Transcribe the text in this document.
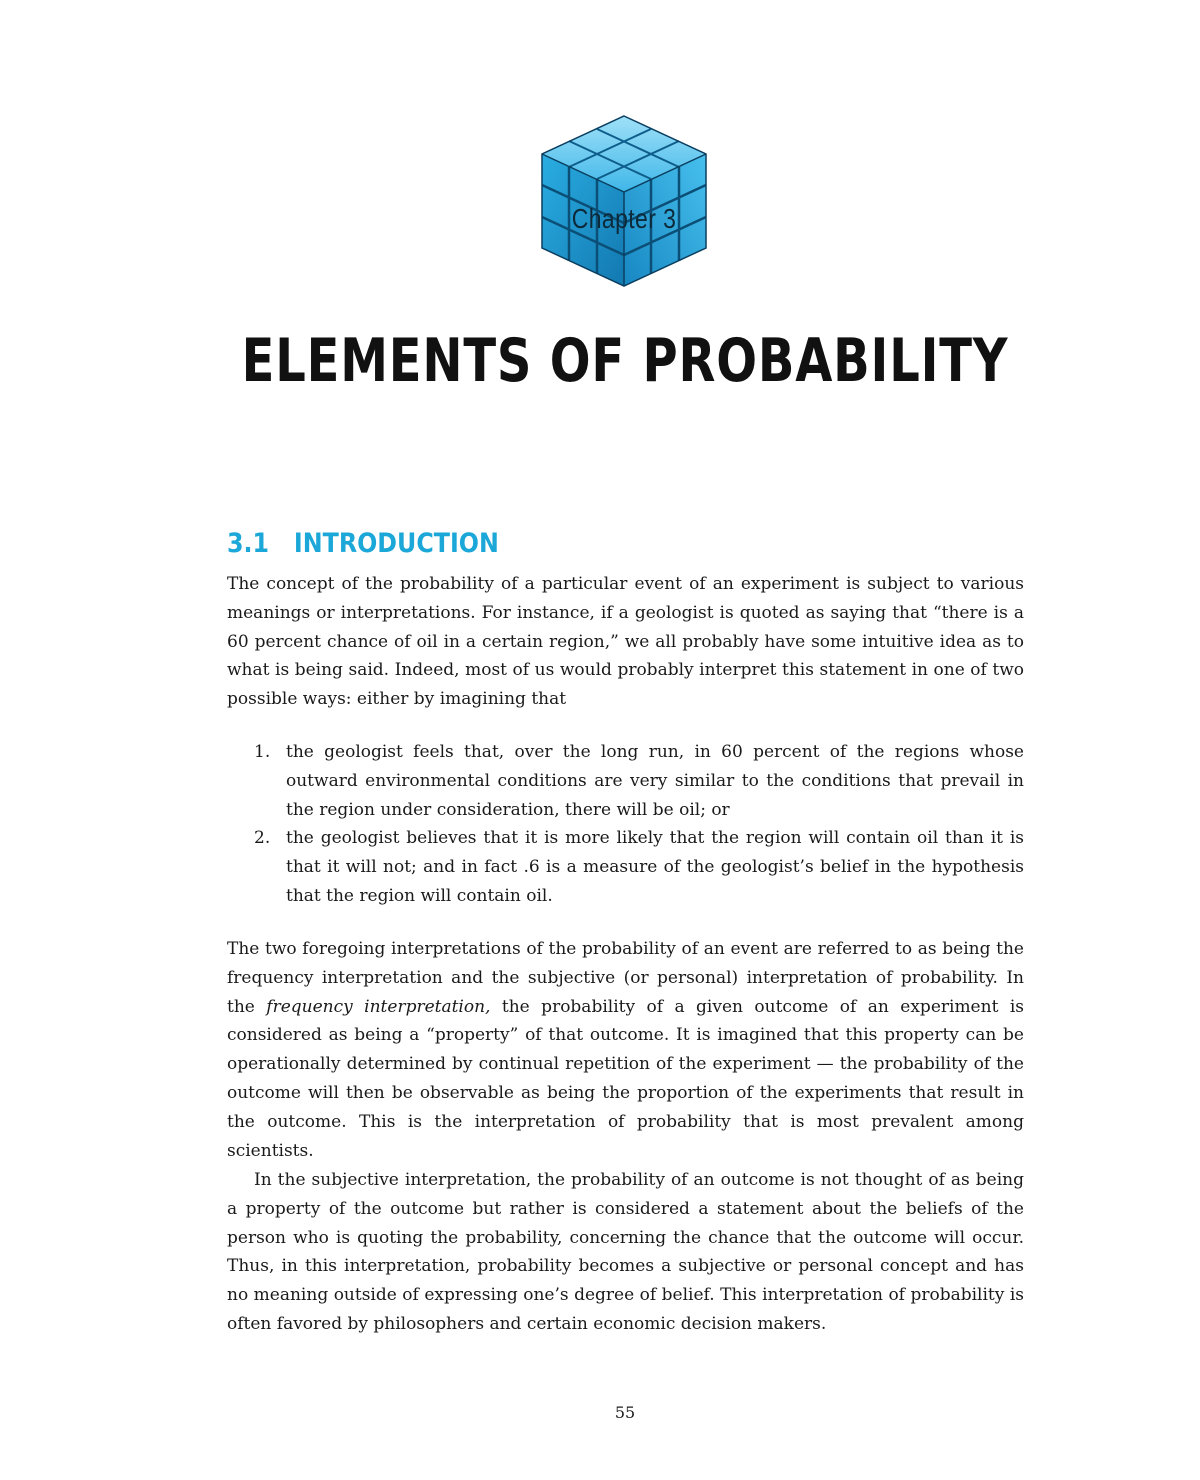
Chapter 3
ELEMENTS OF PROBABILITY
3.1 INTRODUCTION
The concept of the probability of a particular event of an experiment is subject to various meanings or interpretations. For instance, if a geologist is quoted as saying that “there is a 60 percent chance of oil in a certain region,” we all probably have some intuitive idea as to what is being said. Indeed, most of us would probably interpret this statement in one of two possible ways: either by imagining that
1. the geologist feels that, over the long run, in 60 percent of the regions whose outward environmental conditions are very similar to the conditions that prevail in the region under consideration, there will be oil; or
2. the geologist believes that it is more likely that the region will contain oil than it is that it will not; and in fact .6 is a measure of the geologist’s belief in the hypothesis that the region will contain oil.

The two foregoing interpretations of the probability of an event are referred to as being the frequency interpretation and the subjective (or personal) interpretation of probability. In the frequency interpretation, the probability of a given outcome of an experiment is considered as being a “property” of that outcome. It is imagined that this property can be operationally determined by continual repetition of the experiment — the probability of the outcome will then be observable as being the proportion of the experiments that result in the outcome. This is the interpretation of probability that is most prevalent among scientists.

In the subjective interpretation, the probability of an outcome is not thought of as being a property of the outcome but rather is considered a statement about the beliefs of the person who is quoting the probability, concerning the chance that the outcome will occur. Thus, in this interpretation, probability becomes a subjective or personal concept and has no meaning outside of expressing one’s degree of belief. This interpretation of probability is often favored by philosophers and certain economic decision makers.
55
